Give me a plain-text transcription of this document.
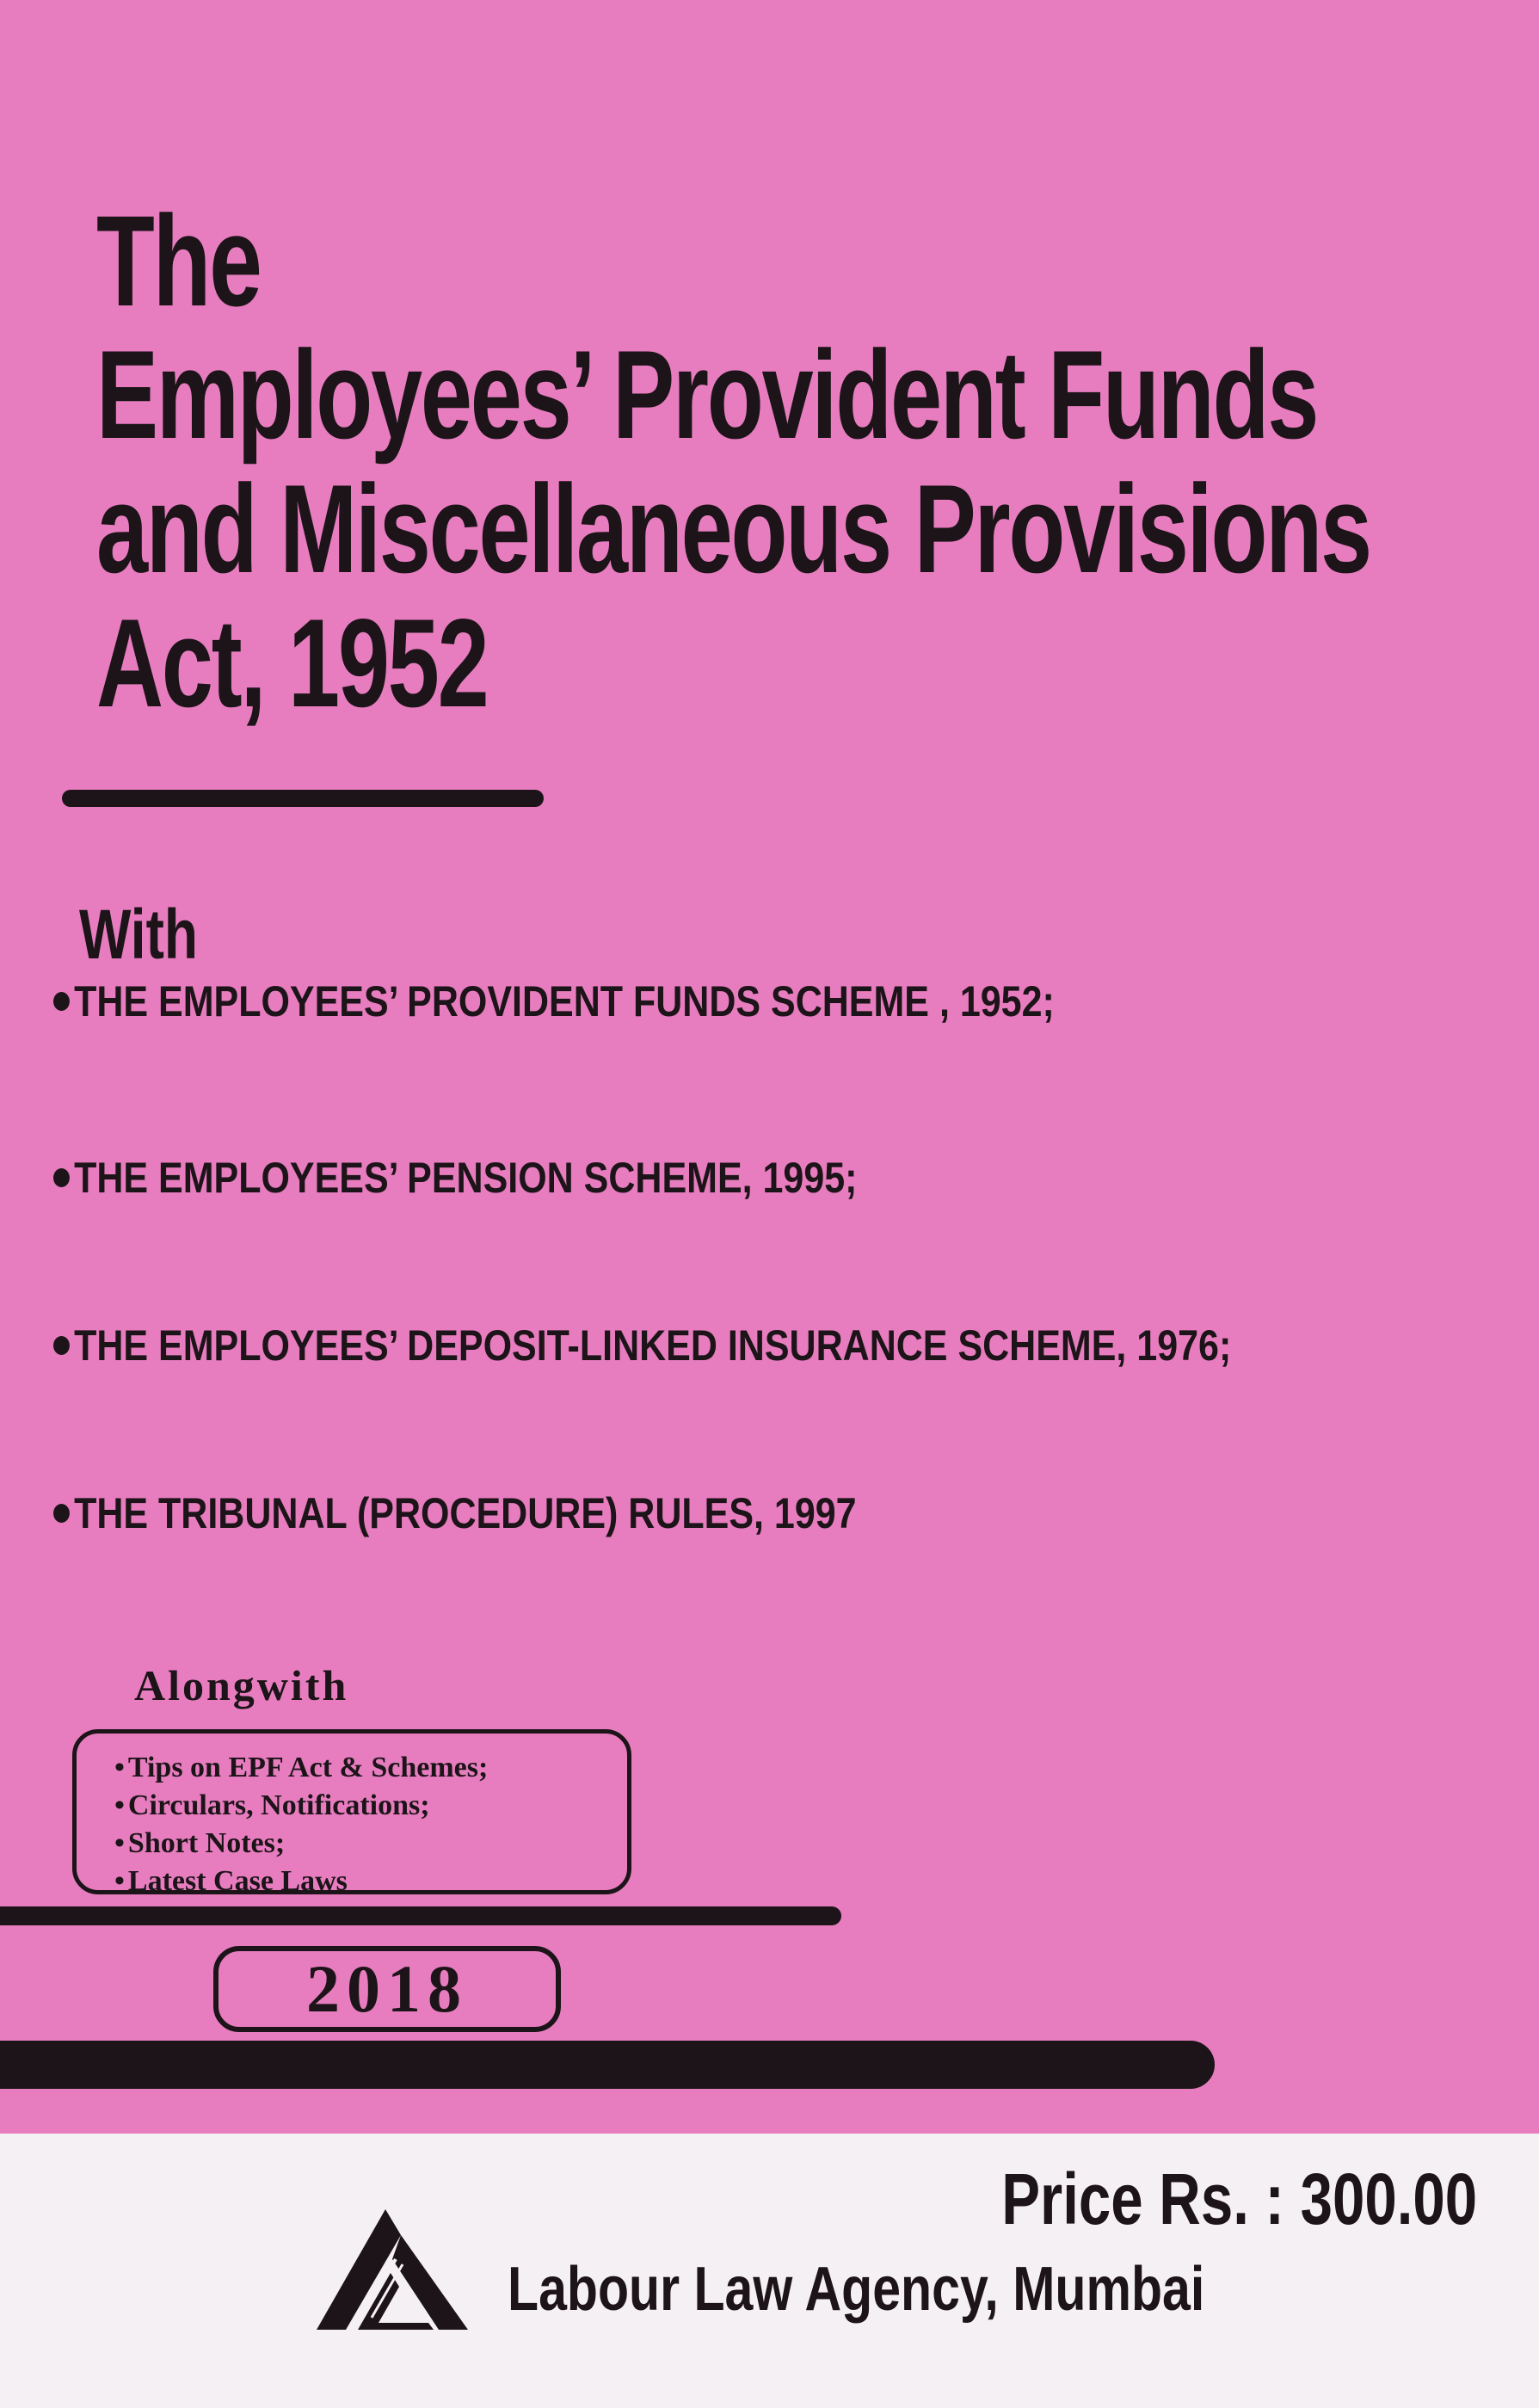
The
Employees’ Provident Funds
and Miscellaneous Provisions
Act, 1952
With
THE EMPLOYEES’ PROVIDENT FUNDS SCHEME , 1952;
THE EMPLOYEES’ PENSION SCHEME, 1995;
THE EMPLOYEES’ DEPOSIT-LINKED INSURANCE SCHEME, 1976;
THE TRIBUNAL (PROCEDURE) RULES, 1997
Alongwith
• Tips on EPF Act & Schemes;
• Circulars, Notifications;
• Short Notes;
• Latest Case Laws
2018
Price Rs. : 300.00
Labour Law Agency, Mumbai
